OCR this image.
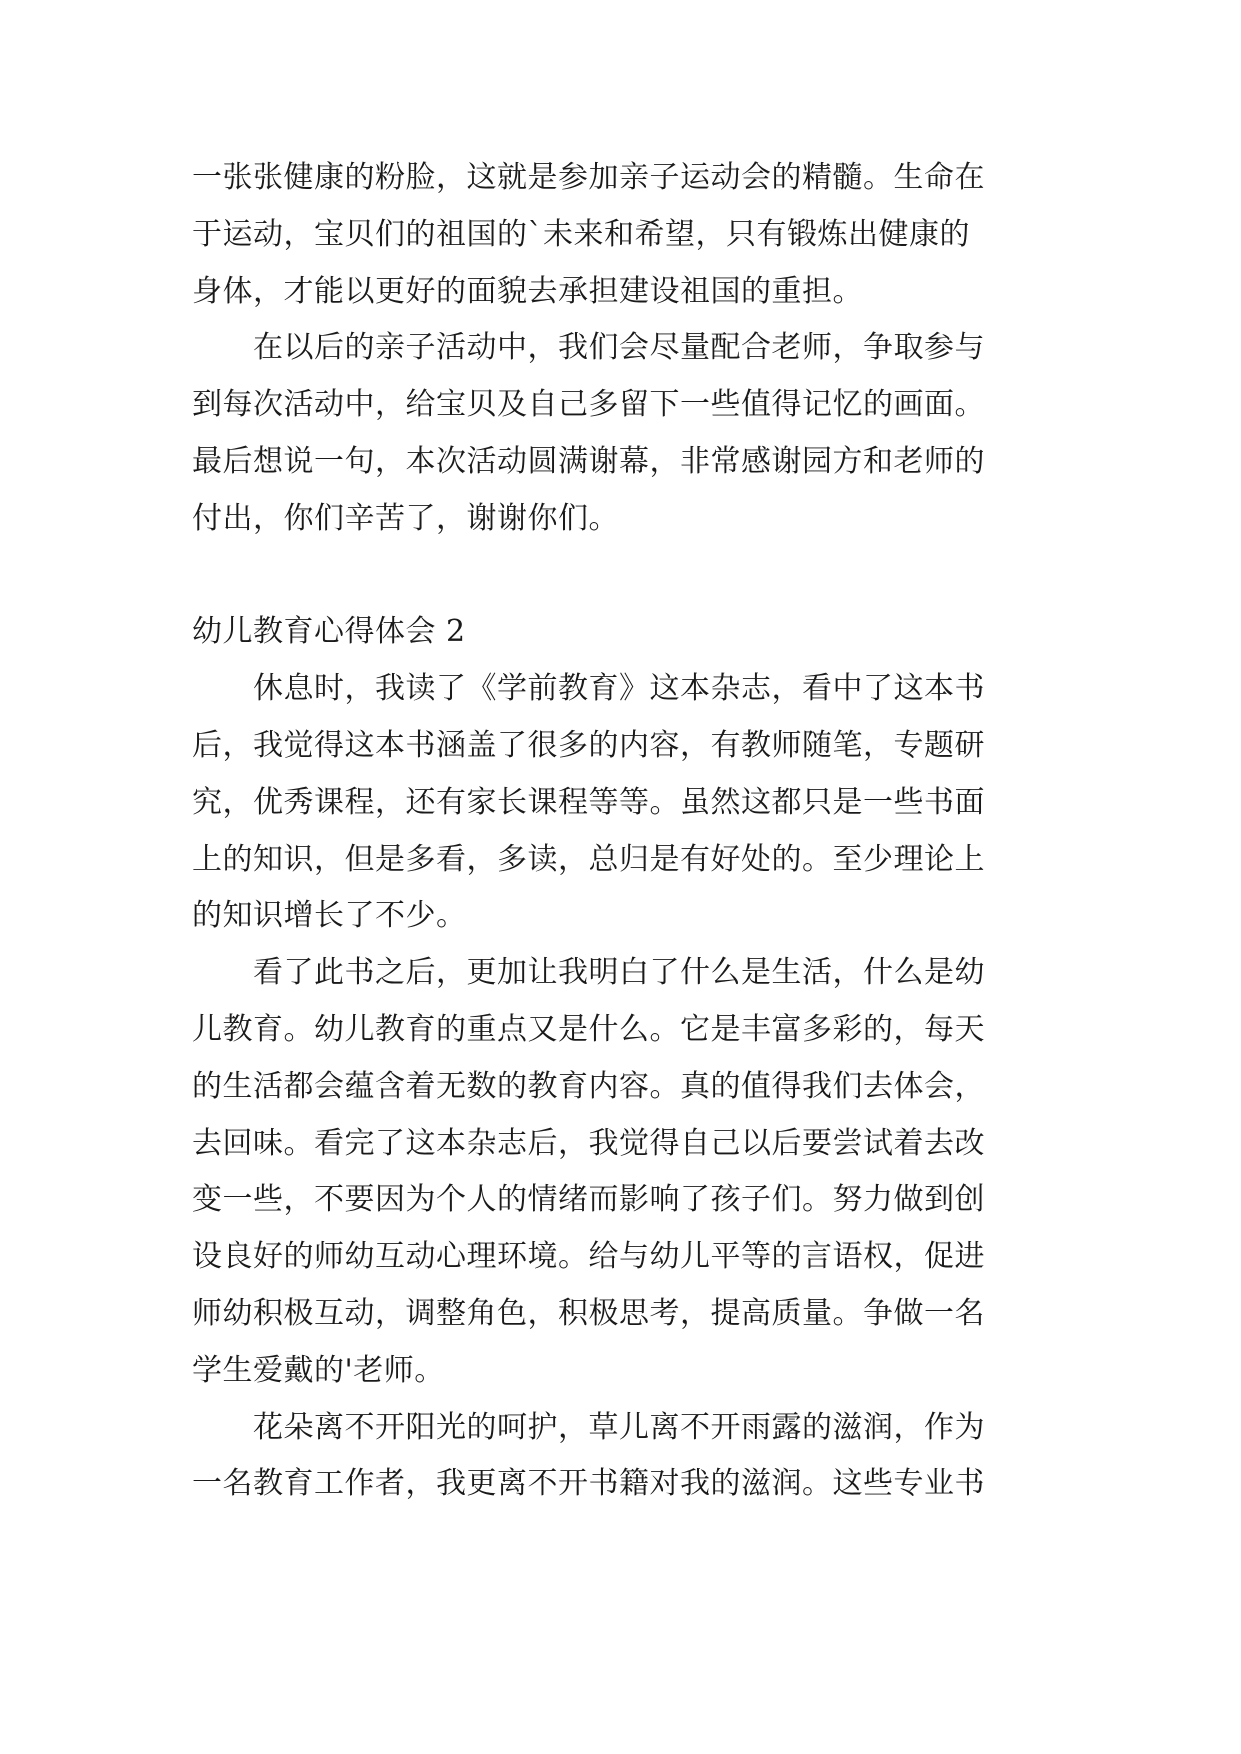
一张张健康的粉脸，这就是参加亲子运动会的精髓。生命在
于运动，宝贝们的祖国的`未来和希望，只有锻炼出健康的
身体，才能以更好的面貌去承担建设祖国的重担。
在以后的亲子活动中，我们会尽量配合老师，争取参与
到每次活动中，给宝贝及自己多留下一些值得记忆的画面。
最后想说一句，本次活动圆满谢幕，非常感谢园方和老师的
付出，你们辛苦了，谢谢你们。
幼儿教育心得体会 2
休息时，我读了《学前教育》这本杂志，看中了这本书
后，我觉得这本书涵盖了很多的内容，有教师随笔，专题研
究，优秀课程，还有家长课程等等。虽然这都只是一些书面
上的知识，但是多看，多读，总归是有好处的。至少理论上
的知识增长了不少。
看了此书之后，更加让我明白了什么是生活，什么是幼
儿教育。幼儿教育的重点又是什么。它是丰富多彩的，每天
的生活都会蕴含着无数的教育内容。真的值得我们去体会，
去回味。看完了这本杂志后，我觉得自己以后要尝试着去改
变一些，不要因为个人的情绪而影响了孩子们。努力做到创
设良好的师幼互动心理环境。给与幼儿平等的言语权，促进
师幼积极互动，调整角色，积极思考，提高质量。争做一名
学生爱戴的'老师。
花朵离不开阳光的呵护，草儿离不开雨露的滋润，作为
一名教育工作者，我更离不开书籍对我的滋润。这些专业书
